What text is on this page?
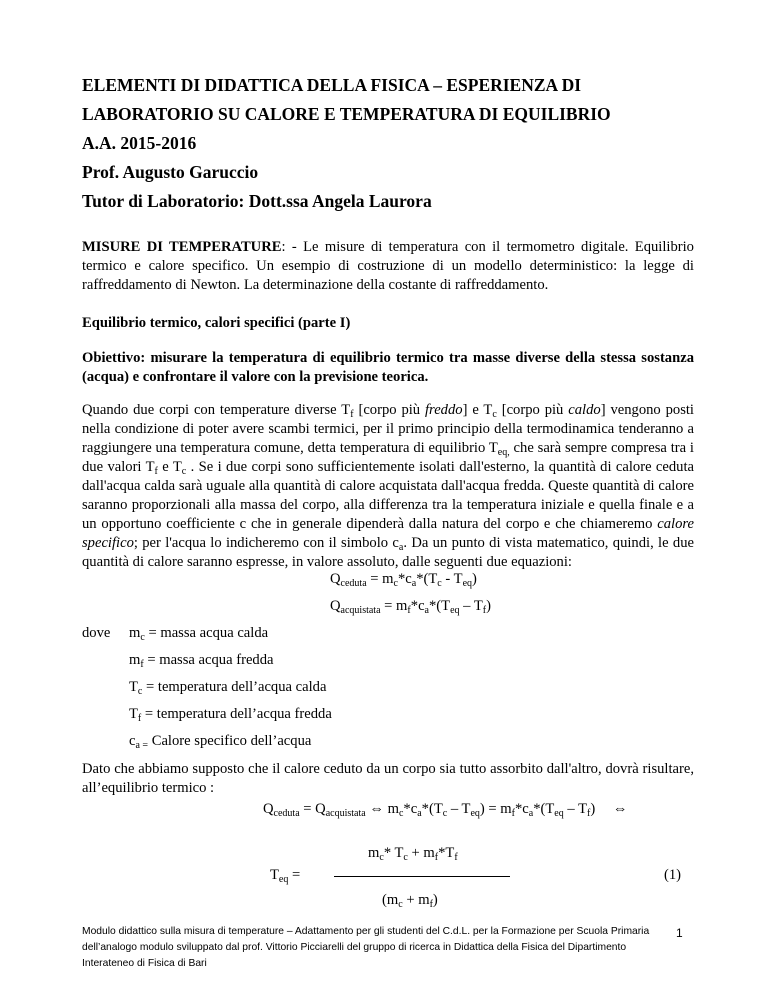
ELEMENTI DI DIDATTICA DELLA FISICA – ESPERIENZA DI
LABORATORIO SU CALORE E TEMPERATURA DI EQUILIBRIO
A.A. 2015-2016
Prof. Augusto Garuccio
Tutor di Laboratorio: Dott.ssa Angela Laurora
MISURE DI TEMPERATURE: - Le misure di temperatura con il termometro digitale. Equilibrio termico e calore specifico. Un esempio di costruzione di un modello deterministico: la legge di raffreddamento di Newton. La determinazione della costante di raffreddamento.
Equilibrio termico, calori specifici (parte I)
Obiettivo: misurare la temperatura di equilibrio termico tra masse diverse della stessa sostanza (acqua) e confrontare il valore con la previsione teorica.
Quando due corpi con temperature diverse $T_f$ [corpo più freddo] e $T_c$ [corpo più caldo] vengono posti nella condizione di poter avere scambi termici, per il primo principio della termodinamica tenderanno a raggiungere una temperatura comune, detta temperatura di equilibrio $T_{eq,}$ che sarà sempre compresa tra i due valori $T_f$ e $T_c$ . Se i due corpi sono sufficientemente isolati dall'esterno, la quantità di calore ceduta dall'acqua calda sarà uguale alla quantità di calore acquistata dall'acqua fredda. Queste quantità di calore saranno proporzionali alla massa del corpo, alla differenza tra la temperatura iniziale e quella finale e a un opportuno coefficiente c che in generale dipenderà dalla natura del corpo e che chiameremo calore specifico; per l'acqua lo indicheremo con il simbolo $c_a$. Da un punto di vista matematico, quindi, le due quantità di calore saranno espresse, in valore assoluto, dalle seguenti due equazioni:
$Q_{ceduta} = m_c*c_a*(T_c - T_{eq})$
$Q_{acquistata} = m_f*c_a*(T_{eq} - T_f)$
dove $m_c$ = massa acqua calda
$m_f$ = massa acqua fredda
$T_c$ = temperatura dell’acqua calda
$T_f$ = temperatura dell’acqua fredda
$c_{a =}$ Calore specifico dell’acqua
Dato che abbiamo supposto che il calore ceduto da un corpo sia tutto assorbito dall'altro, dovrà risultare, all’equilibrio termico :
$Q_{ceduta} = Q_{acquistata}$ ⇔ $m_c*c_a*(T_c - T_{eq}) = m_f*c_a*(T_{eq} - T_f)$ ⇔
$m_c*$ $T_c + m_f*T_f$
$T_{eq}$ =	(1)
$(m_c + m_f)$
Modulo didattico sulla misura di temperature – Adattamento per gli studenti del C.d.L. per la Formazione per Scuola Primaria
dell’analogo modulo sviluppato dal prof. Vittorio Picciarelli del gruppo di ricerca in Didattica della Fisica del Dipartimento
Interateneo di Fisica di Bari
1
